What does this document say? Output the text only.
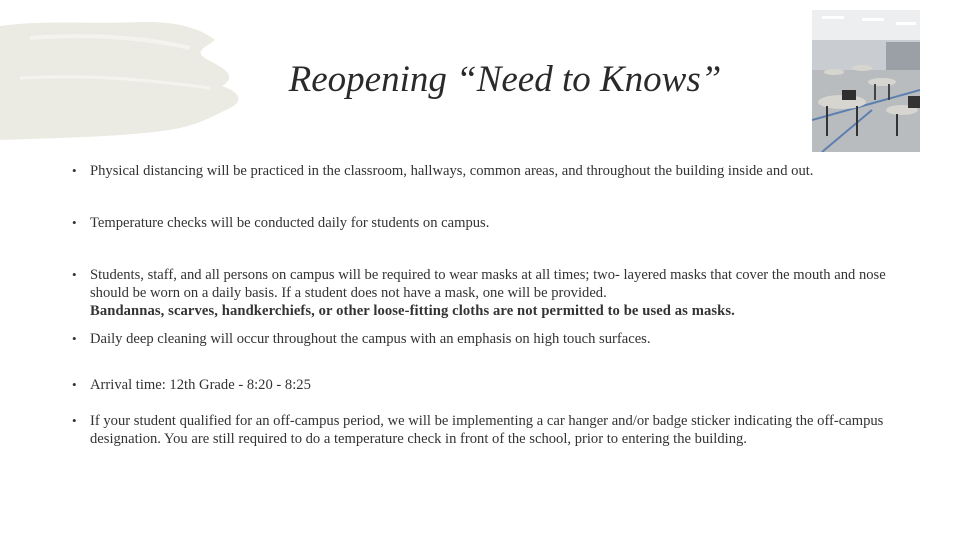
Reopening “Need to Knows”
• Physical distancing will be practiced in the classroom, hallways, common areas, and throughout the building inside and out.
• Temperature checks will be conducted daily for students on campus.
• Students, staff, and all persons on campus will be required to wear masks at all times; two- layered masks that cover the mouth and nose should be worn on a daily basis. If a student does not have a mask, one will be provided.
Bandannas, scarves, handkerchiefs, or other loose-fitting cloths are not permitted to be used as masks.
• Daily deep cleaning will occur throughout the campus with an emphasis on high touch surfaces.
• Arrival time: 12th Grade - 8:20 - 8:25
• If your student qualified for an off-campus period, we will be implementing a car hanger and/or badge sticker indicating the off-campus designation. You are still required to do a temperature check in front of the school, prior to entering the building.
